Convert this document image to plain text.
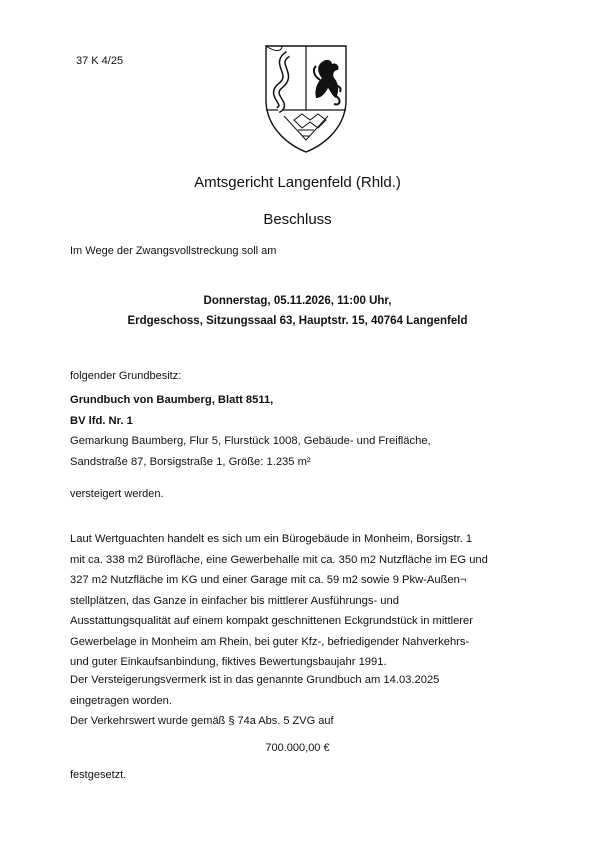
37 K 4/25
Amtsgericht Langenfeld (Rhld.)
Beschluss
Im Wege der Zwangsvollstreckung soll am
Donnerstag, 05.11.2026, 11:00 Uhr,
Erdgeschoss, Sitzungssaal 63, Hauptstr. 15, 40764 Langenfeld
folgender Grundbesitz:
Grundbuch von Baumberg, Blatt 8511,
BV lfd. Nr. 1
Gemarkung Baumberg, Flur 5, Flurstück 1008, Gebäude- und Freifläche,
Sandstraße 87, Borsigstraße 1, Größe: 1.235 m²
versteigert werden.
Laut Wertguachten handelt es sich um ein Bürogebäude in Monheim, Borsigstr. 1
mit ca. 338 m2 Bürofläche, eine Gewerbehalle mit ca. 350 m2 Nutzfläche im EG und
327 m2 Nutzfläche im KG und einer Garage mit ca. 59 m2 sowie 9 Pkw-Außen¬
stellplätzen, das Ganze in einfacher bis mittlerer Ausführungs- und
Ausstattungsqualität auf einem kompakt geschnittenen Eckgrundstück in mittlerer
Gewerbelage in Monheim am Rhein, bei guter Kfz-, befriedigender Nahverkehrs-
und guter Einkaufsanbindung, fiktives Bewertungsbaujahr 1991.
Der Versteigerungsvermerk ist in das genannte Grundbuch am 14.03.2025
eingetragen worden.
Der Verkehrswert wurde gemäß § 74a Abs. 5 ZVG auf
700.000,00 €
festgesetzt.
